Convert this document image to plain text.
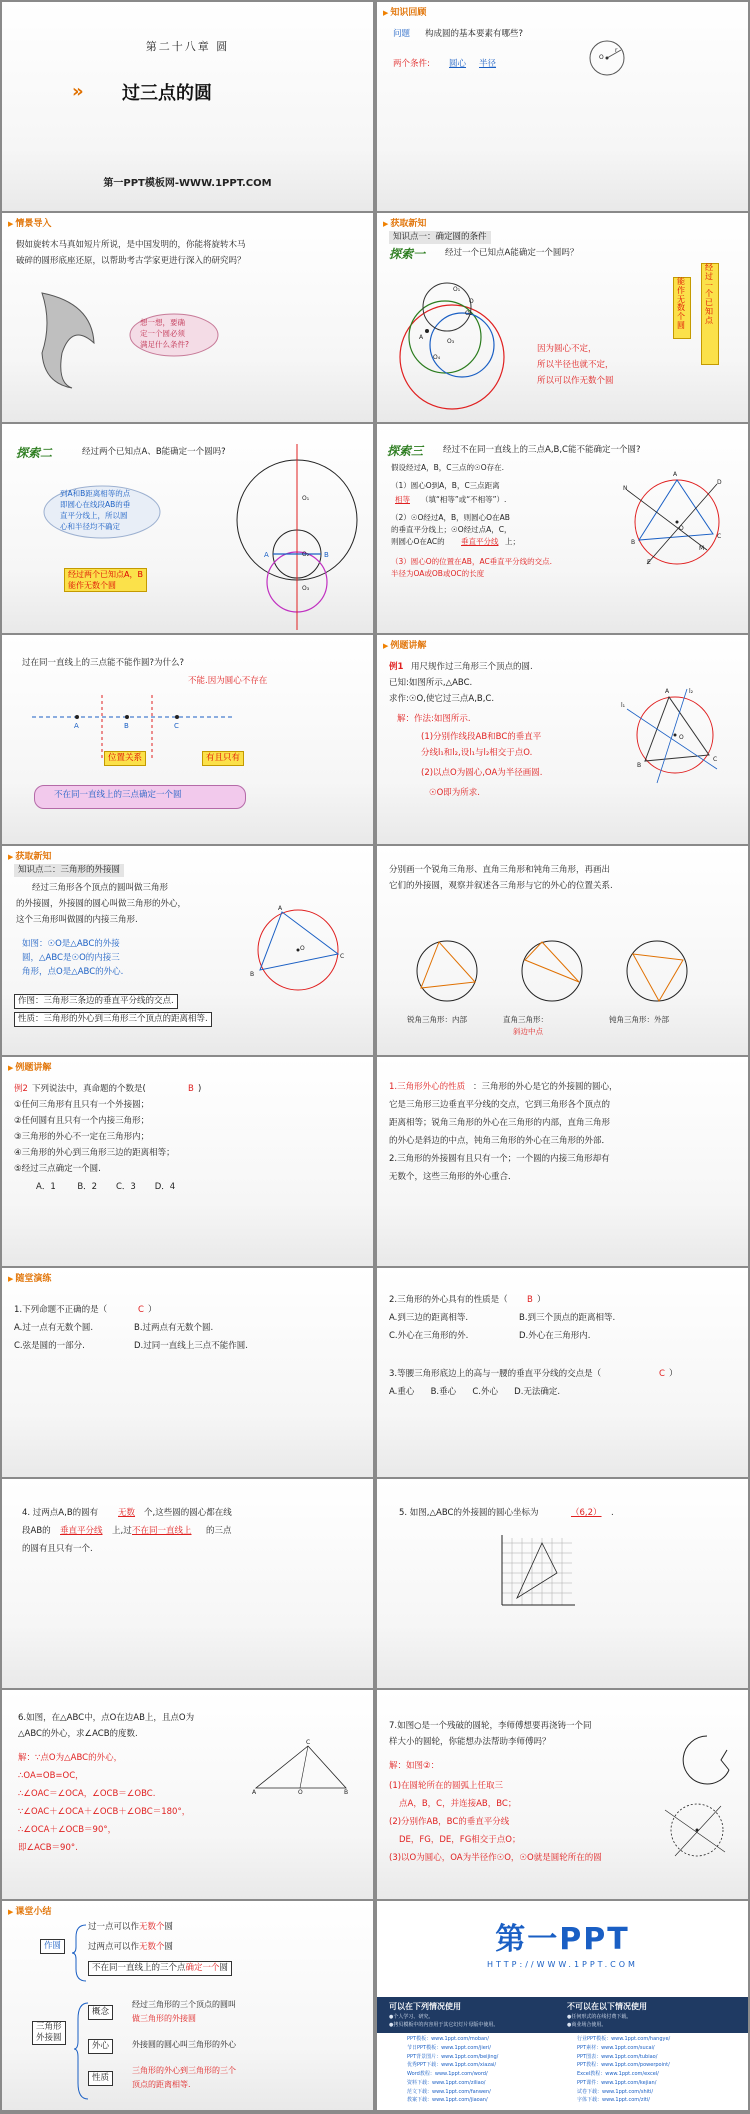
第二十八章 圆
» 过三点的圆
第一PPT模板网-WWW.1PPT.COM
▶ 知识回顾
问题 构成圆的基本要素有哪些?
两个条件: 圆心 半径
O
r
▶ 情景导入
假如旋转木马真如短片所说，是中国发明的，你能将旋转木马
破碎的圆形底座还原，以帮助考古学家更进行深入的研究吗？
想一想，要确
定一个圆必须
满足什么条件?
▶ 获取新知
知识点一：确定圆的条件
探索一 经过一个已知点A能确定一个圆吗？
O₁
O₂
O₃
A
O
O₄
因为圆心不定，
所以半径也就不定，
所以可以作无数个圆
能作无数个圆
经过一个已知点
探索二	经过两个已知点A、B能确定一个圆吗?
到A和B距离相等的点
即圆心在线段AB的垂
直平分线上，所以圆
心和半径均不确定
经过两个已知点A，B
能作无数个圆
O₁
O₂
O₃
A	B
探索三 经过不在同一直线上的三点A,B,C能不能确定一个圆?
假设经过A，B，C三点的☉O存在.
（1）圆心O到A，B，C三点距离
相等 （填“相等”或“不相等”）.
（2）☉O经过A，B，则圆心O在AB
的垂直平分线上；☉O经过点A，C，
则圆心O在AC的 垂直平分线 上；
（3）圆心O的位置在AB，AC垂直平分线的交点.
半径为OA或OB或OC的长度
A
B
C
O
M
N
E
D
过在同一直线上的三点能不能作圆?为什么?
不能.因为圆心不存在
A	B	C
位置关系	有且只有
不在同一直线上的三点确定一个圆
▶ 例题讲解
例1 用尺规作过三角形三个顶点的圆.
已知:如图所示,△ABC.
求作:☉O,使它过三点A,B,C.
解：作法:如图所示.
(1)分别作线段AB和BC的垂直平
分线l₁和l₂,设l₁与l₂相交于点O.
(2)以点O为圆心,OA为半径画圆.
☉O即为所求.
A
B
C
O
l₁
l₂
▶ 获取新知
知识点二：三角形的外接圆
经过三角形各个顶点的圆叫做三角形
的外接圆，外接圆的圆心叫做三角形的外心，
这个三角形叫做圆的内接三角形.
如图：☉O是△ABC的外接
圆，△ABC是☉O的内接三
角形，点O是△ABC的外心.
作图：三角形三条边的垂直平分线的交点.
性质：三角形的外心到三角形三个顶点的距离相等.
A
B
C
O
分别画一个锐角三角形、直角三角形和钝角三角形，再画出
它们的外接圆，观察并叙述各三角形与它的外心的位置关系.
锐角三角形：内部	直角三角形：
斜边中点
钝角三角形：外部
▶ 例题讲解
例2 下列说法中，真命题的个数是(	B )
①任何三角形有且只有一个外接圆；
②任何圆有且只有一个内接三角形；
③三角形的外心不一定在三角形内；
④三角形的外心到三角形三边的距离相等；
⑤经过三点确定一个圆.
A．1        B．2       C．3       D．4
1.三角形外心的性质 ：三角形的外心是它的外接圆的圆心，
它是三角形三边垂直平分线的交点，它到三角形各个顶点的
距离相等；锐角三角形的外心在三角形的内部，直角三角形
的外心是斜边的中点，钝角三角形的外心在三角形的外部．
2.三角形的外接圆有且只有一个；一个圆的内接三角形却有
无数个，这些三角形的外心重合．
▶ 随堂演练
1.下列命题不正确的是（	C ）
A.过一点有无数个圆.	B.过两点有无数个圆.
C.弦是圆的一部分.	D.过同一直线上三点不能作圆.
2.三角形的外心具有的性质是（ B ）
A.到三边的距离相等.	B.到三个顶点的距离相等.
C.外心在三角形的外.	D.外心在三角形内.
3.等腰三角形底边上的高与一腰的垂直平分线的交点是（	C ）
A.重心      B.垂心      C.外心      D.无法确定.
4. 过两点A,B的圆有 无数 个,这些圆的圆心都在线
段AB的 垂直平分线 上,过 不在同一直线上 的三点
的圆有且只有一个.
5. 如图,△ABC的外接圆的圆心坐标为	（6,2） .
6.如图，在△ABC中，点O在边AB上，且点O为
△ABC的外心，求∠ACB的度数.
解：∵点O为△ABC的外心，
∴OA=OB=OC，
∴∠OAC＝∠OCA，∠OCB＝∠OBC.
∵∠OAC＋∠OCA＋∠OCB＋∠OBC＝180°，
∴∠OCA＋∠OCB＝90°，
即∠ACB＝90°.
A	B
C
O
7.如图○是一个残破的圆轮，李师傅想要再浇铸一个同
样大小的圆轮，你能想办法帮助李师傅吗？
解：如图②：
(1)在圆轮所在的圆弧上任取三
点A，B，C，并连接AB，BC；
(2)分别作AB，BC的垂直平分线
DE，FG，DE，FG相交于点O；
(3)以O为圆心，OA为半径作☉O，☉O就是圆轮所在的圆
▶ 课堂小结
作圆
过一点可以作无数个圆
过两点可以作无数个圆
不在同一直线上的三个点确定一个圆
三角形
外接圆
概念
经过三角形的三个顶点的圆叫
做三角形的外接圆
外心	外接圆的圆心叫三角形的外心
性质
三角形的外心到三角形的三个
顶点的距离相等.
第一PPT
HTTP://WWW.1PPT.COM
可以在下列情况使用
●个人学习、研究。
●拷贝模板中的内容用于其它幻灯片母版中使用。
不可以在以下情况使用
●任何形式的在线付费下载。
●商业场合使用。
PPT模板：www.1ppt.com/moban/
节日PPT模板：www.1ppt.com/jieri/
PPT背景图片：www.1ppt.com/beijing/
优秀PPT下载：www.1ppt.com/xiazai/
Word教程：www.1ppt.com/word/
资料下载：www.1ppt.com/ziliao/
范文下载：www.1ppt.com/fanwen/
教案下载：www.1ppt.com/jiaoan/
行业PPT模板：www.1ppt.com/hangye/
PPT素材：www.1ppt.com/sucai/
PPT图表：www.1ppt.com/tubiao/
PPT教程：www.1ppt.com/powerpoint/
Excel教程：www.1ppt.com/excel/
PPT课件：www.1ppt.com/kejian/
试卷下载：www.1ppt.com/shiti/
字体下载：www.1ppt.com/ziti/
